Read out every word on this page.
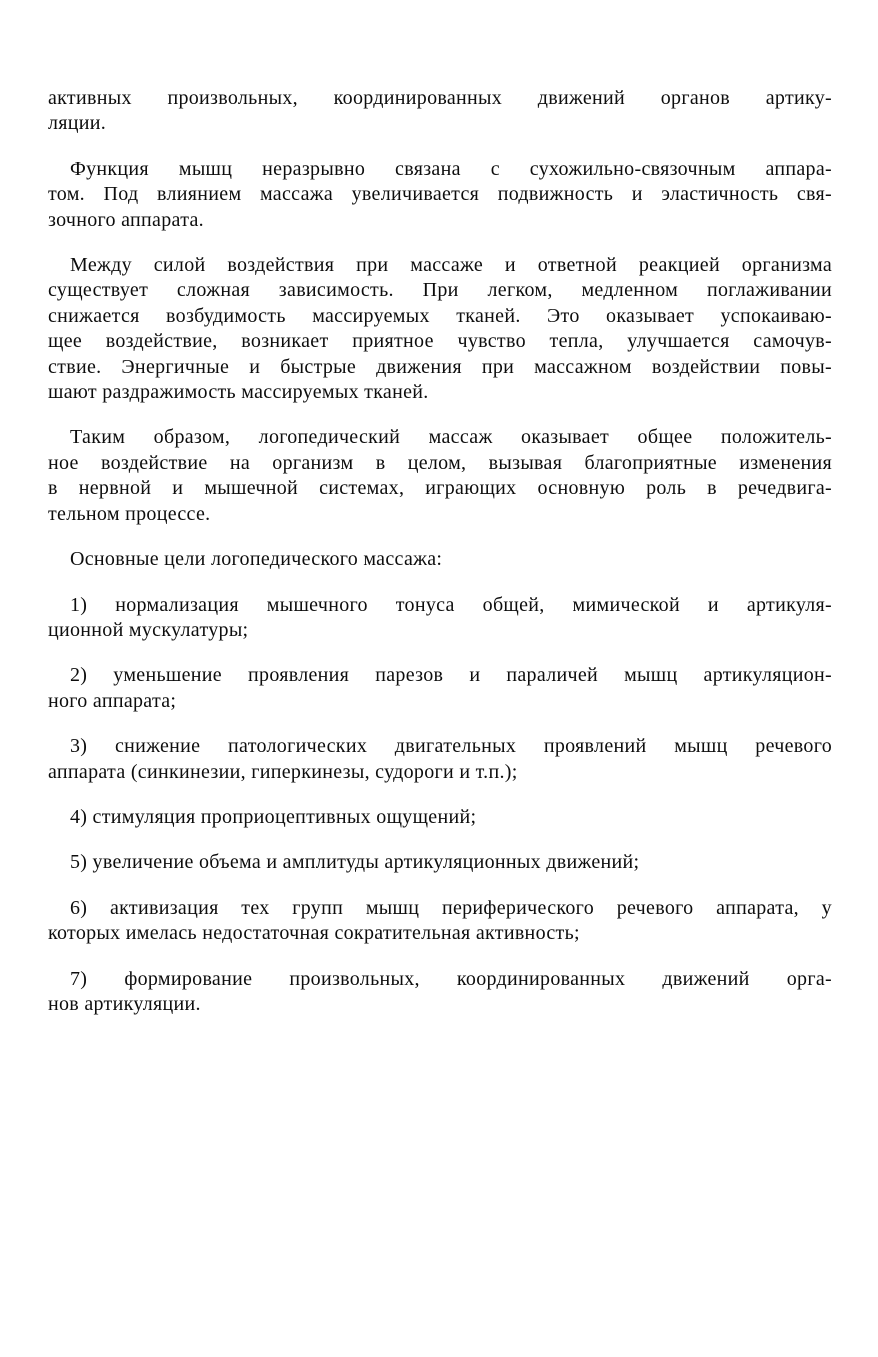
активных произвольных, координированных движений органов артику-
ляции.

Функция мышц неразрывно связана с сухожильно-связочным аппара-
том. Под влиянием массажа увеличивается подвижность и эластичность свя-
зочного аппарата.

Между силой воздействия при массаже и ответной реакцией организма
существует сложная зависимость. При легком, медленном поглаживании
снижается возбудимость массируемых тканей. Это оказывает успокаиваю-
щее воздействие, возникает приятное чувство тепла, улучшается самочув-
ствие. Энергичные и быстрые движения при массажном воздействии повы-
шают раздражимость массируемых тканей.

Таким образом, логопедический массаж оказывает общее положитель-
ное воздействие на организм в целом, вызывая благоприятные изменения
в нервной и мышечной системах, играющих основную роль в речедвига-
тельном процессе.

Основные цели логопедического массажа:

1) нормализация мышечного тонуса общей, мимической и артикуля-
ционной мускулатуры;

2) уменьшение проявления парезов и параличей мышц артикуляцион-
ного аппарата;

3) снижение патологических двигательных проявлений мышц речевого
аппарата (синкинезии, гиперкинезы, судороги и т.п.);

4) стимуляция проприоцептивных ощущений;

5) увеличение объема и амплитуды артикуляционных движений;

6) активизация тех групп мышц периферического речевого аппарата, у
которых имелась недостаточная сократительная активность;

7) формирование произвольных, координированных движений орга-
нов артикуляции.
